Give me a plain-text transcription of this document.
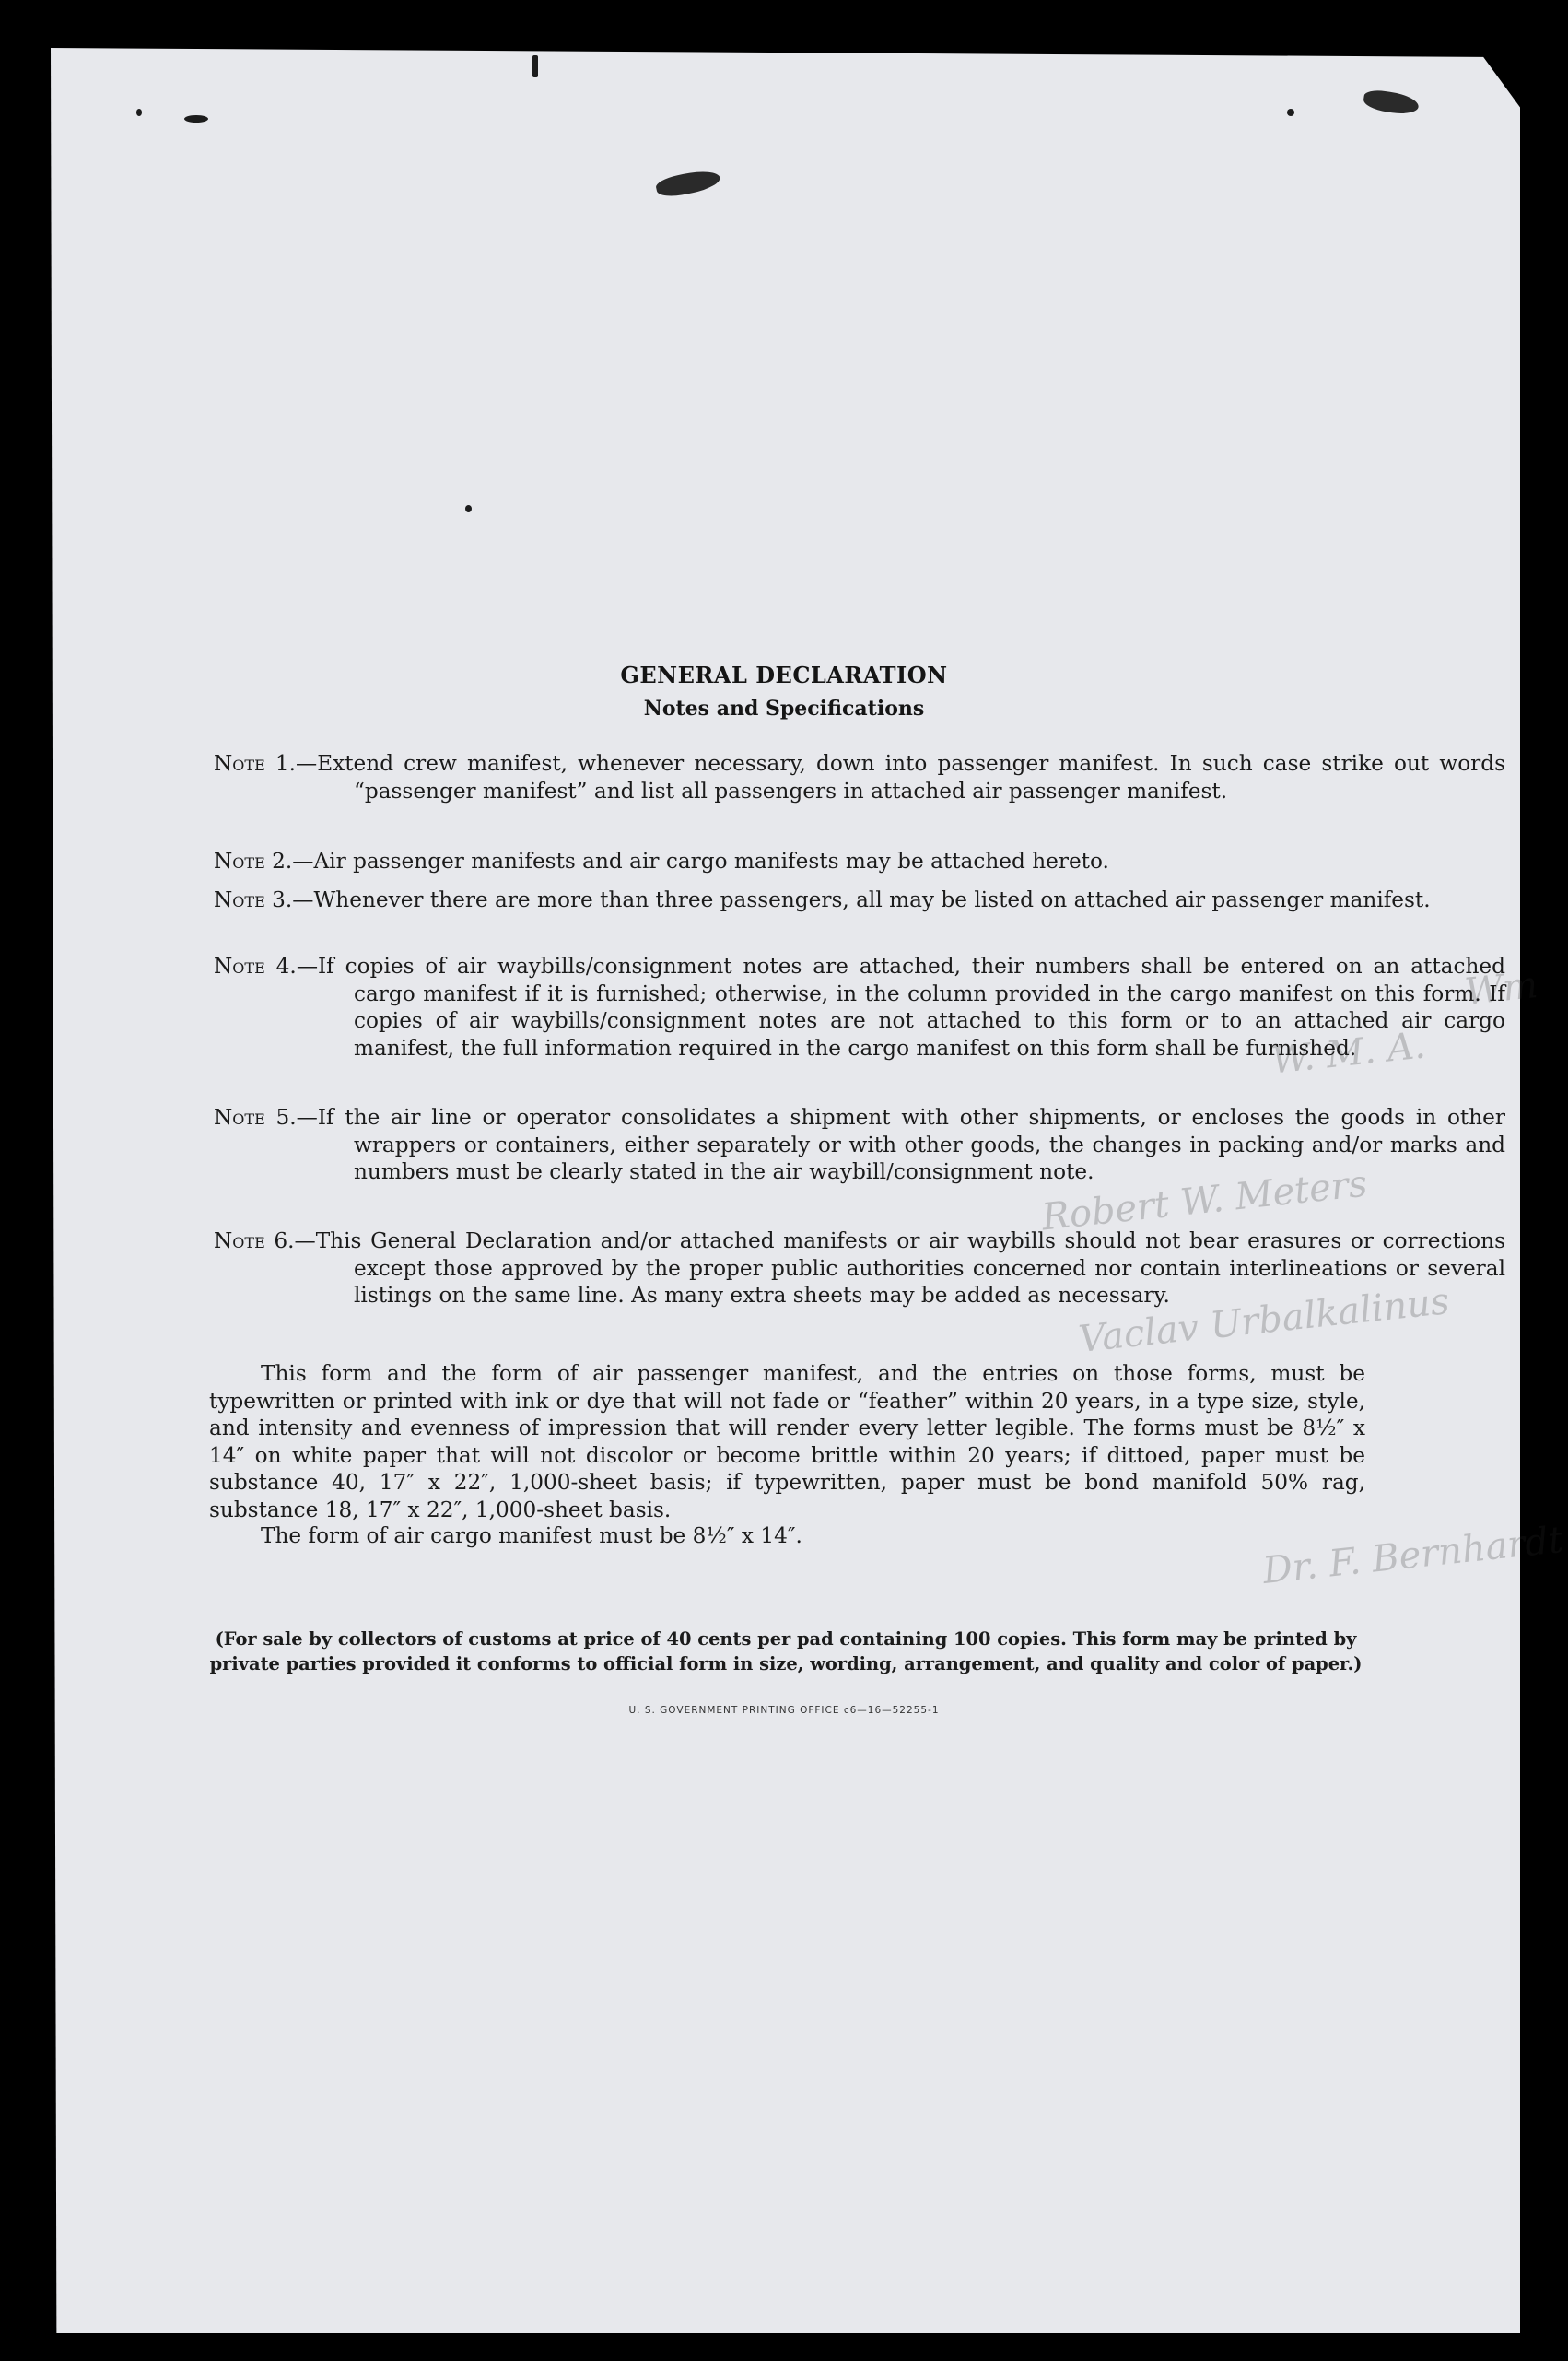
Wm
W. M. A.
Robert W. Meters
Vaclav Urbalkalinus
Dr. F. Bernhardt
GENERAL DECLARATION
Notes and Specifications
Note 1.—Extend crew manifest, whenever necessary, down into passenger manifest. In such case strike out words “passenger manifest” and list all passengers in attached air passenger manifest.
Note 2.—Air passenger manifests and air cargo manifests may be attached hereto.
Note 3.—Whenever there are more than three passengers, all may be listed on attached air passenger manifest.
Note 4.—If copies of air waybills/consignment notes are attached, their numbers shall be entered on an attached cargo manifest if it is furnished; otherwise, in the column provided in the cargo manifest on this form. If copies of air waybills/consignment notes are not attached to this form or to an attached air cargo manifest, the full information required in the cargo manifest on this form shall be furnished.
Note 5.—If the air line or operator consolidates a shipment with other shipments, or encloses the goods in other wrappers or containers, either separately or with other goods, the changes in packing and/or marks and numbers must be clearly stated in the air waybill/consignment note.
Note 6.—This General Declaration and/or attached manifests or air waybills should not bear erasures or corrections except those approved by the proper public authorities concerned nor contain interlineations or several listings on the same line. As many extra sheets may be added as necessary.
This form and the form of air passenger manifest, and the entries on those forms, must be typewritten or printed with ink or dye that will not fade or “feather” within 20 years, in a type size, style, and intensity and evenness of impression that will render every letter legible. The forms must be 8½″ x 14″ on white paper that will not discolor or become brittle within 20 years; if dittoed, paper must be substance 40, 17″ x 22″, 1,000-sheet basis; if typewritten, paper must be bond manifold 50% rag, substance 18, 17″ x 22″, 1,000-sheet basis.
The form of air cargo manifest must be 8½″ x 14″.
(For sale by collectors of customs at price of 40 cents per pad containing 100 copies. This form may be printed by private parties provided it conforms to official form in size, wording, arrangement, and quality and color of paper.)
U. S. GOVERNMENT PRINTING OFFICE c6—16—52255-1
